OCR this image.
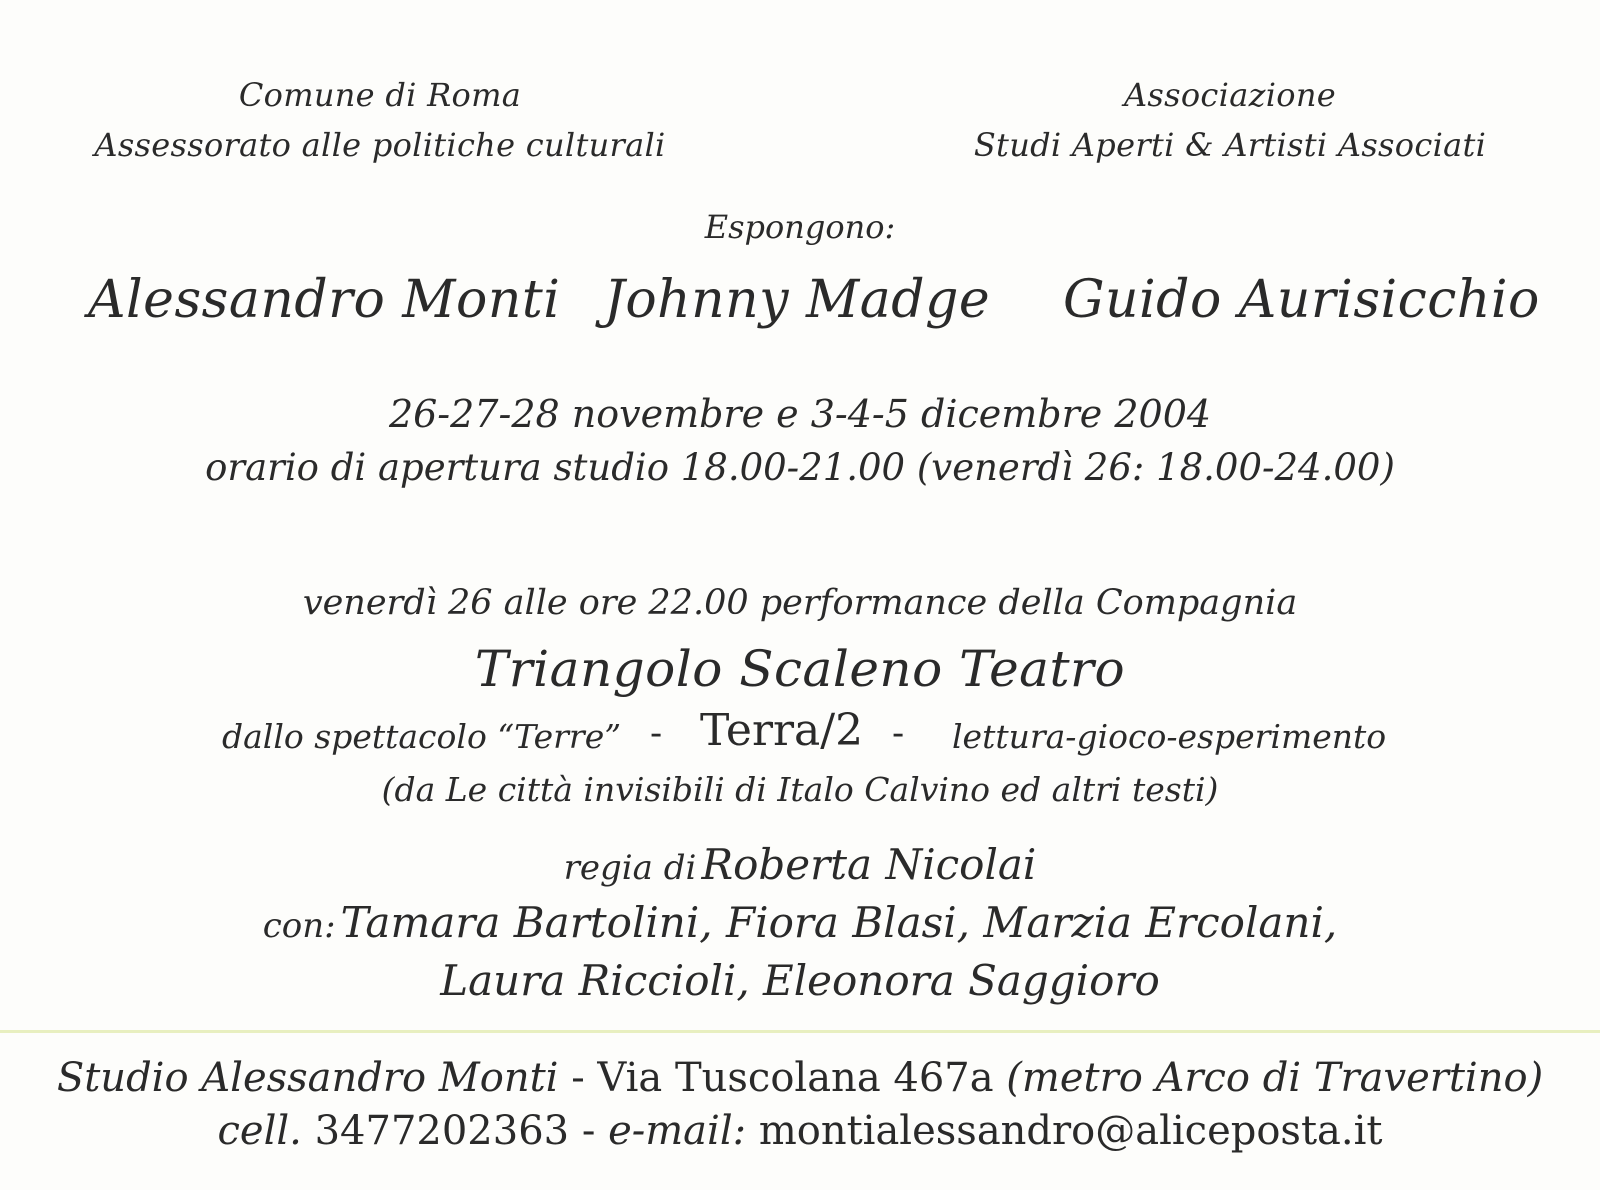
Comune di Roma
Assessorato alle politiche culturali
Associazione
Studi Aperti & Artisti Associati
Espongono:
Alessandro Monti Johnny Madge Guido Aurisicchio
26-27-28 novembre e 3-4-5 dicembre 2004
orario di apertura studio 18.00-21.00 (venerdì 26: 18.00-24.00)
venerdì 26 alle ore 22.00 performance della Compagnia
Triangolo Scaleno Teatro
dallo spettacolo “Terre” - Terra/2 - lettura-gioco-esperimento
(da Le città invisibili di Italo Calvino ed altri testi)
regia di Roberta Nicolai
con: Tamara Bartolini, Fiora Blasi, Marzia Ercolani,
Laura Riccioli, Eleonora Saggioro
Studio Alessandro Monti - Via Tuscolana 467a (metro Arco di Travertino)
cell. 3477202363 - e-mail: montialessandro@aliceposta.it
